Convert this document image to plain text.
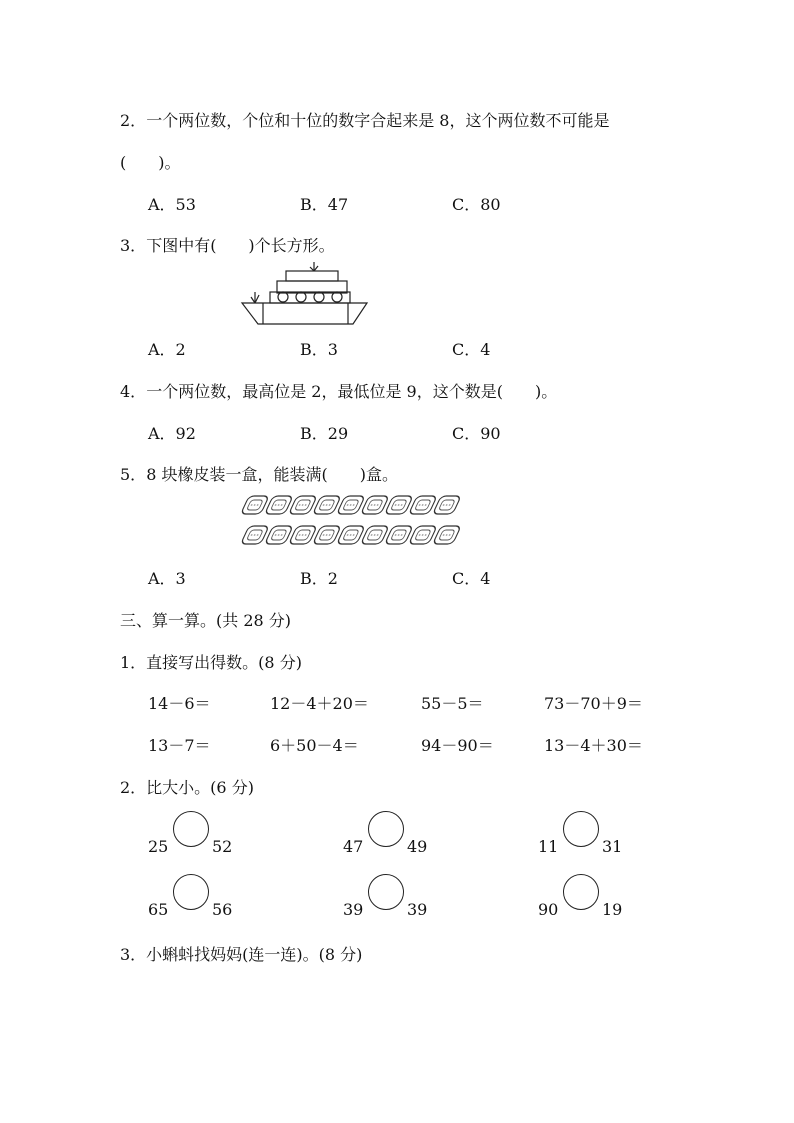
2．一个两位数，个位和十位的数字合起来是 8，这个两位数不可能是
(　　)。
A．53	B．47	C．80
3．下图中有(　　)个长方形。
A．2	B．3	C．4
4．一个两位数，最高位是 2，最低位是 9，这个数是(　　)。
A．92	B．29	C．90
5．8 块橡皮装一盒，能装满(　　)盒。
A．3	B．2	C．4
三、算一算。(共 28 分)
1．直接写出得数。(8 分)
14－6＝	12－4＋20＝	55－5＝	73－70＋9＝
13－7＝	6＋50－4＝	94－90＝	13－4＋30＝
2．比大小。(6 分)
25	52	47	49	11	31
65	56	39	39	90	19
3．小蝌蚪找妈妈(连一连)。(8 分)
